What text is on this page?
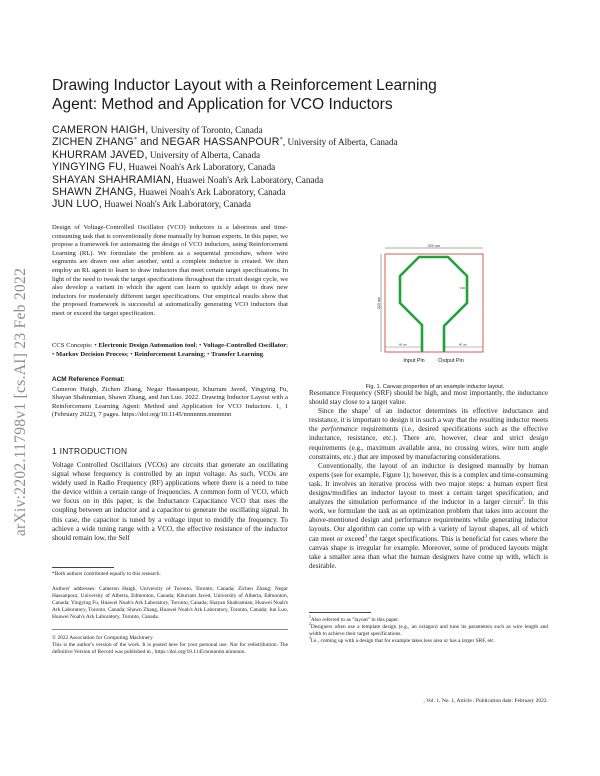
arXiv:2202.11798v1 [cs.AI] 23 Feb 2022
Drawing Inductor Layout with a Reinforcement Learning Agent: Method and Application for VCO Inductors
CAMERON HAIGH, University of Toronto, Canada
ZICHEN ZHANG* and NEGAR HASSANPOUR*, University of Alberta, Canada
KHURRAM JAVED, University of Alberta, Canada
YINGYING FU, Huawei Noah's Ark Laboratory, Canada
SHAYAN SHAHRAMIAN, Huawei Noah's Ark Laboratory, Canada
SHAWN ZHANG, Huawei Noah's Ark Laboratory, Canada
JUN LUO, Huawei Noah's Ark Laboratory, Canada

Design of Voltage-Controlled Oscillator (VCO) inductors is a laborious and time-consuming task that is conventionally done manually by human experts. In this paper, we propose a framework for automating the design of VCO inductors, using Reinforcement Learning (RL). We formulate the problem as a sequential procedure, where wire segments are drawn one after another, until a complete inductor is created. We then employ an RL agent to learn to draw inductors that meet certain target specifications. In light of the need to tweak the target specifications throughout the circuit design cycle, we also develop a variant in which the agent can learn to quickly adapt to draw new inductors for moderately different target specifications. Our empirical results show that the proposed framework is successful at automatically generating VCO inductors that meet or exceed the target specification.

CCS Concepts: • Electronic Design Automation tool; • Voltage-Controlled Oscillator; • Markov Decision Process; • Reinforcement Learning; • Transfer Learning.

ACM Reference Format:

Cameron Haigh, Zichen Zhang, Negar Hassanpour, Khurram Javed, Yingying Fu, Shayan Shahramian, Shawn Zhang, and Jun Luo. 2022. Drawing Inductor Layout with a Reinforcement Learning Agent: Method and Application for VCO Inductors. 1, 1 (February 2022), 7 pages. https://doi.org/10.1145/nnnnnnn.nnnnnnn

1 INTRODUCTION

Voltage Controlled Oscillators (VCOs) are circuits that generate an oscillating signal whose frequency is controlled by an input voltage. As such, VCOs are widely used in Radio Frequency (RF) applications where there is a need to tune the device within a certain range of frequencies. A common form of VCO, which we focus on in this paper, is the Inductance Capacitance VCO that uses the coupling between an inductor and a capacitor to generate the oscillating signal. In this case, the capacitor is tuned by a voltage input to modify the frequency. To achieve a wide tuning range with a VCO, the effective resistance of the inductor should remain low, the Self

*Both authors contributed equally to this research.

Authors' addresses: Cameron Haigh, University of Toronto, Toronto, Canada; Zichen Zhang; Negar Hassanpour, University of Alberta, Edmonton, Canada; Khurram Javed, University of Alberta, Edmonton, Canada; Yingying Fu, Huawei Noah's Ark Laboratory, Toronto, Canada; Shayan Shahramian, Huawei Noah's Ark Laboratory, Toronto, Canada; Shawn Zhang, Huawei Noah's Ark Laboratory, Toronto, Canada; Jun Luo, Huawei Noah's Ark Laboratory, Toronto, Canada.

© 2022 Association for Computing Machinery.

This is the author's version of the work. It is posted here for your personal use. Not for redistribution. The definitive Version of Record was published in , https://doi.org/10.1145/nnnnnnn.nnnnnnn.

320 um
320 um
190
40 um	40 um
Input Pin	Output Pin
Fig. 1. Canvas properties of an example inductor layout.

Resonance Frequency (SRF) should be high, and most importantly, the inductance should stay close to a target value.

Since the shape$^1$ of an inductor determines its effective inductance and resistance, it is important to design it in such a way that the resulting inductor meets the performance requirements (i.e., desired specifications such as the effective inductance, resistance, etc.). There are, however, clear and strict design requirements (e.g., maximum available area, no crossing wires, wire turn angle constraints, etc.) that are imposed by manufacturing considerations.

Conventionally, the layout of an inductor is designed manually by human experts (see for example, Figure 1); however, this is a complex and time-consuming task. It involves an iterative process with two major steps: a human expert first designs/modifies an inductor layout to meet a certain target specification, and analyzes the simulation performance of the inductor in a larger circuit$^2$. In this work, we formulate the task as an optimization problem that takes into account the above-mentioned design and performance requirements while generating inductor layouts. Our algorithm can come up with a variety of layout shapes, all of which can meet or exceed$^3$ the target specifications. This is beneficial for cases where the canvas shape is irregular for example. Moreover, some of produced layouts might take a smaller area than what the human designers have come up with, which is desirable.

$^1$Also referred to as "layout" in this paper.

$^2$Designers often use a template design (e.g., an octagon) and tune its parameters such as wire length and width to achieve their target specifications.

$^3$I.e., coming up with a design that for example takes less area or has a larger SRF, etc.

, Vol. 1, No. 1, Article . Publication date: February 2022.
